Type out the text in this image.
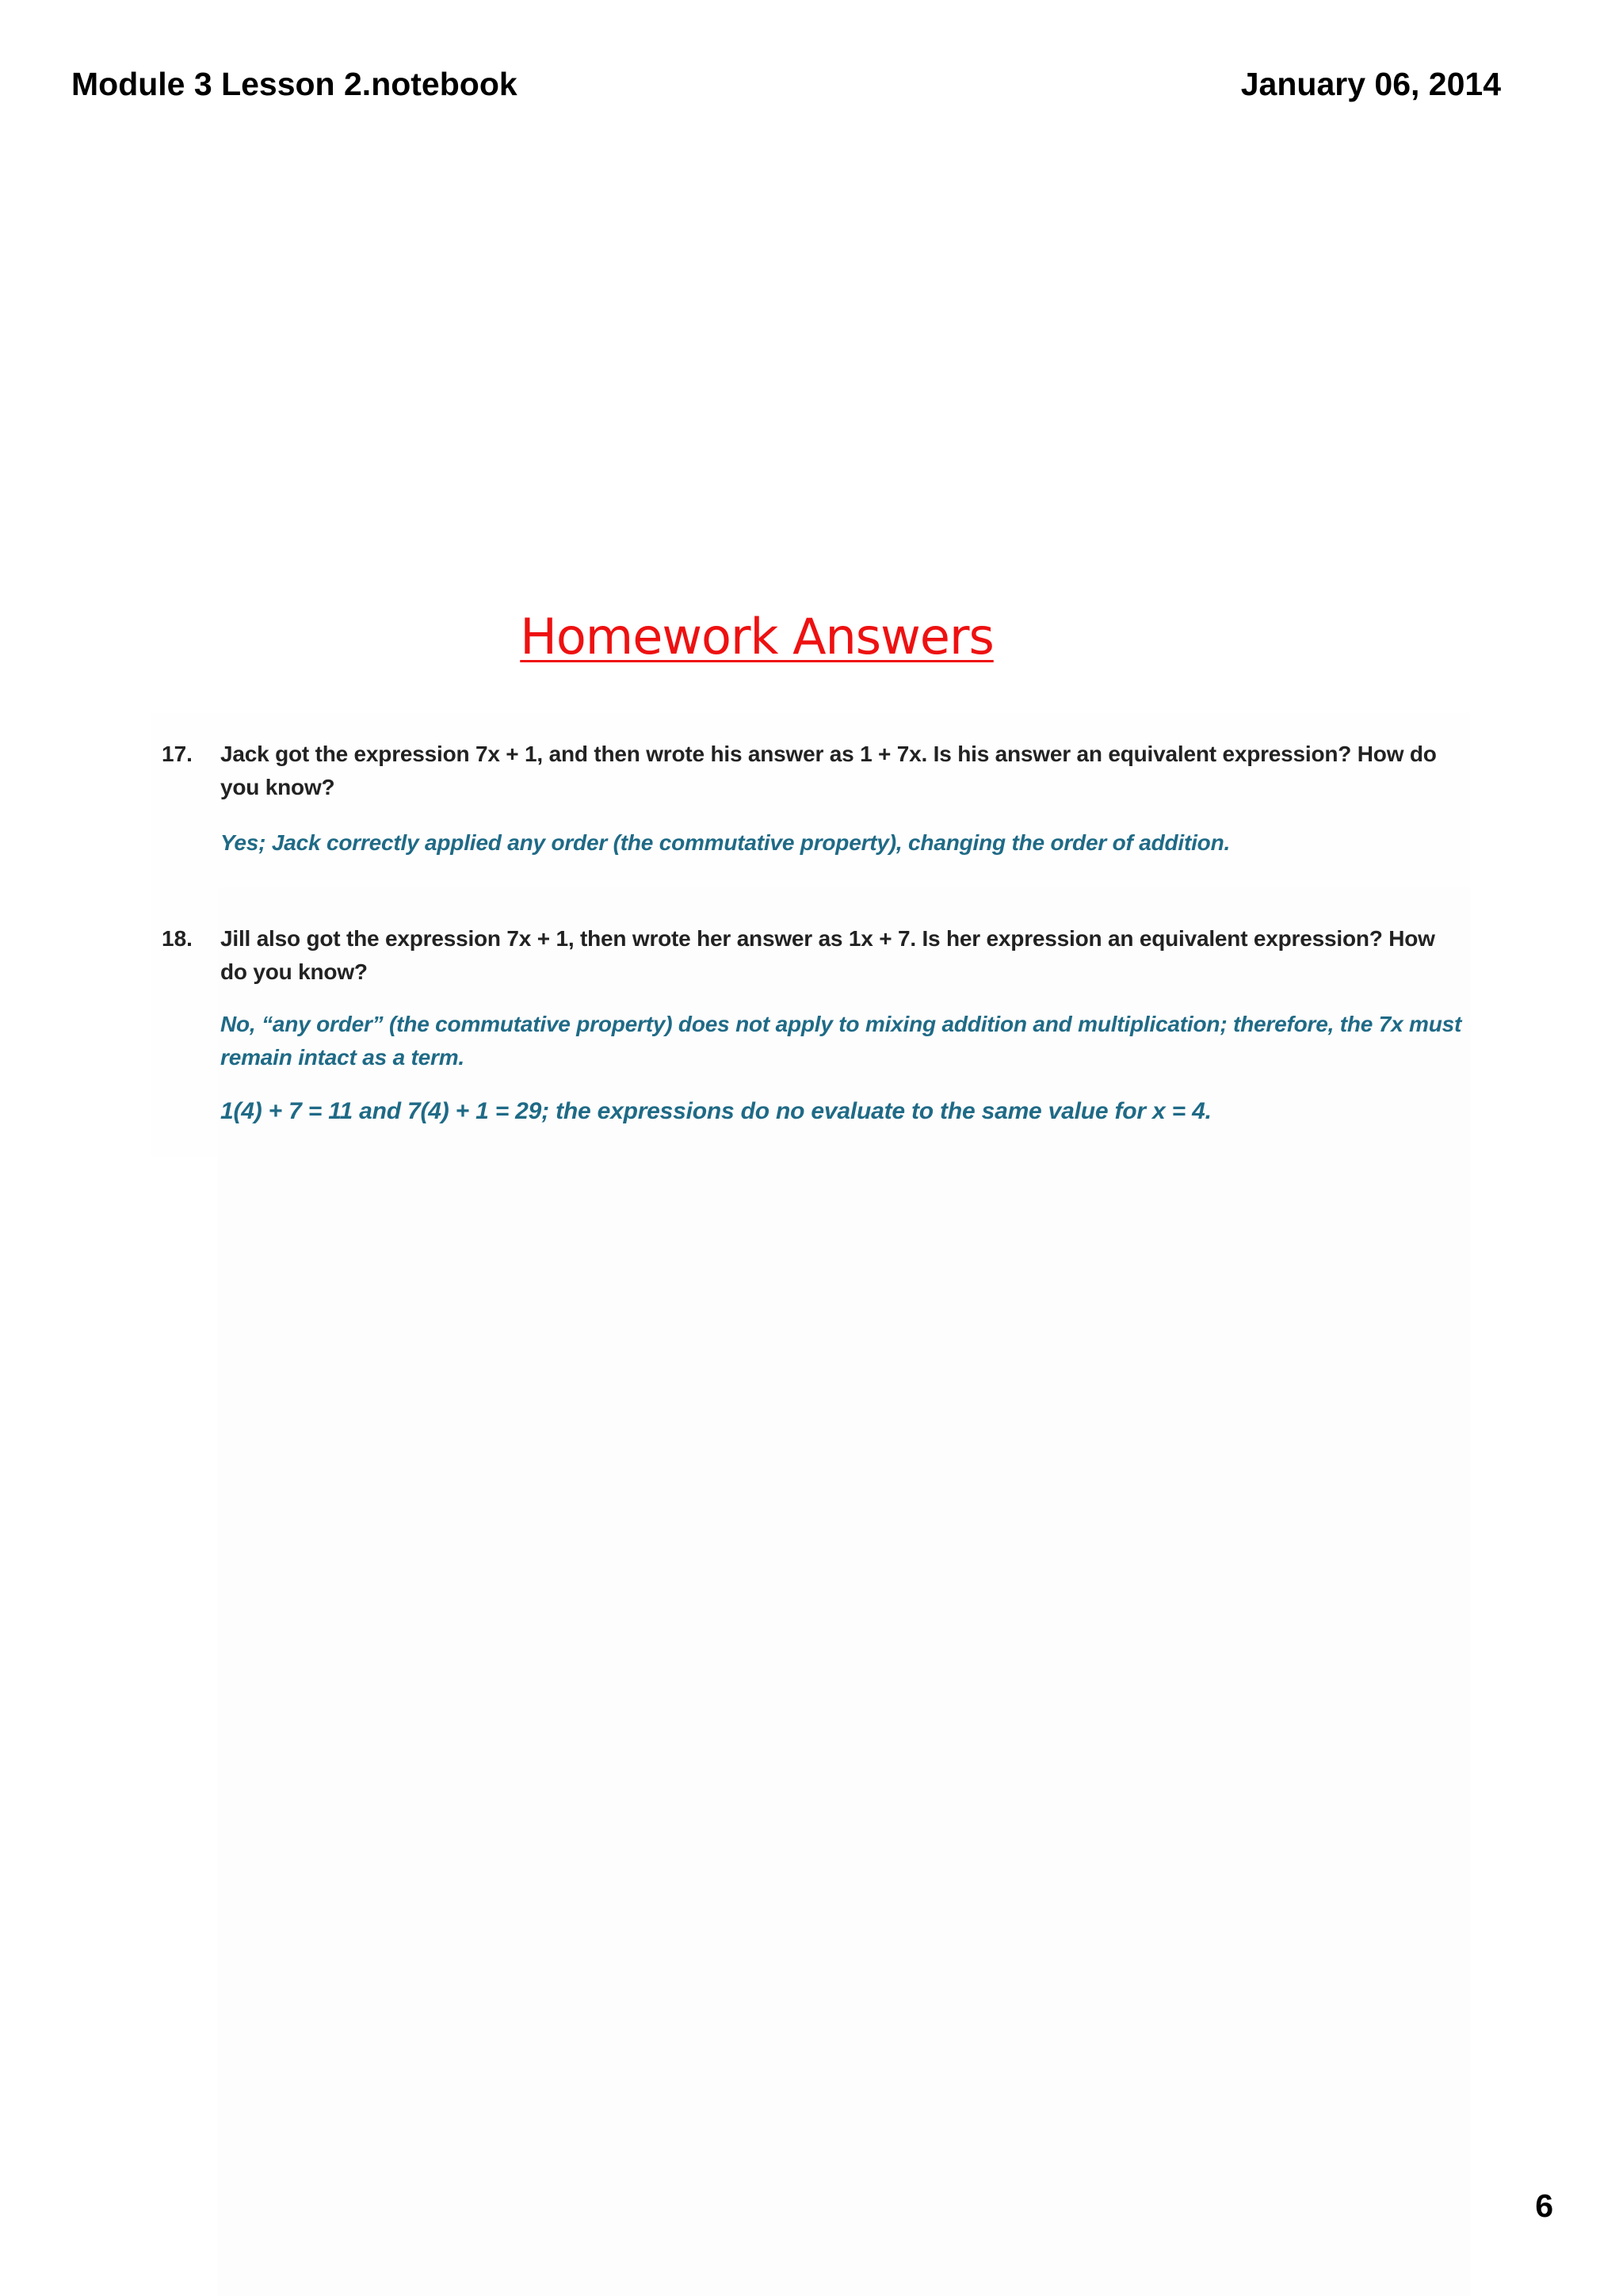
Module 3 Lesson 2.notebook	January 06, 2014
Homework Answers
17. Jack got the expression 7x + 1, and then wrote his answer as 1 + 7x. Is his answer an equivalent expression? How do you know?
Yes; Jack correctly applied any order (the commutative property), changing the order of addition.
18. Jill also got the expression 7x + 1, then wrote her answer as 1x + 7. Is her expression an equivalent expression? How do you know?
No, “any order” (the commutative property) does not apply to mixing addition and multiplication; therefore, the 7x must remain intact as a term.
1(4) + 7 = 11 and 7(4) + 1 = 29; the expressions do no evaluate to the same value for x = 4.
6
